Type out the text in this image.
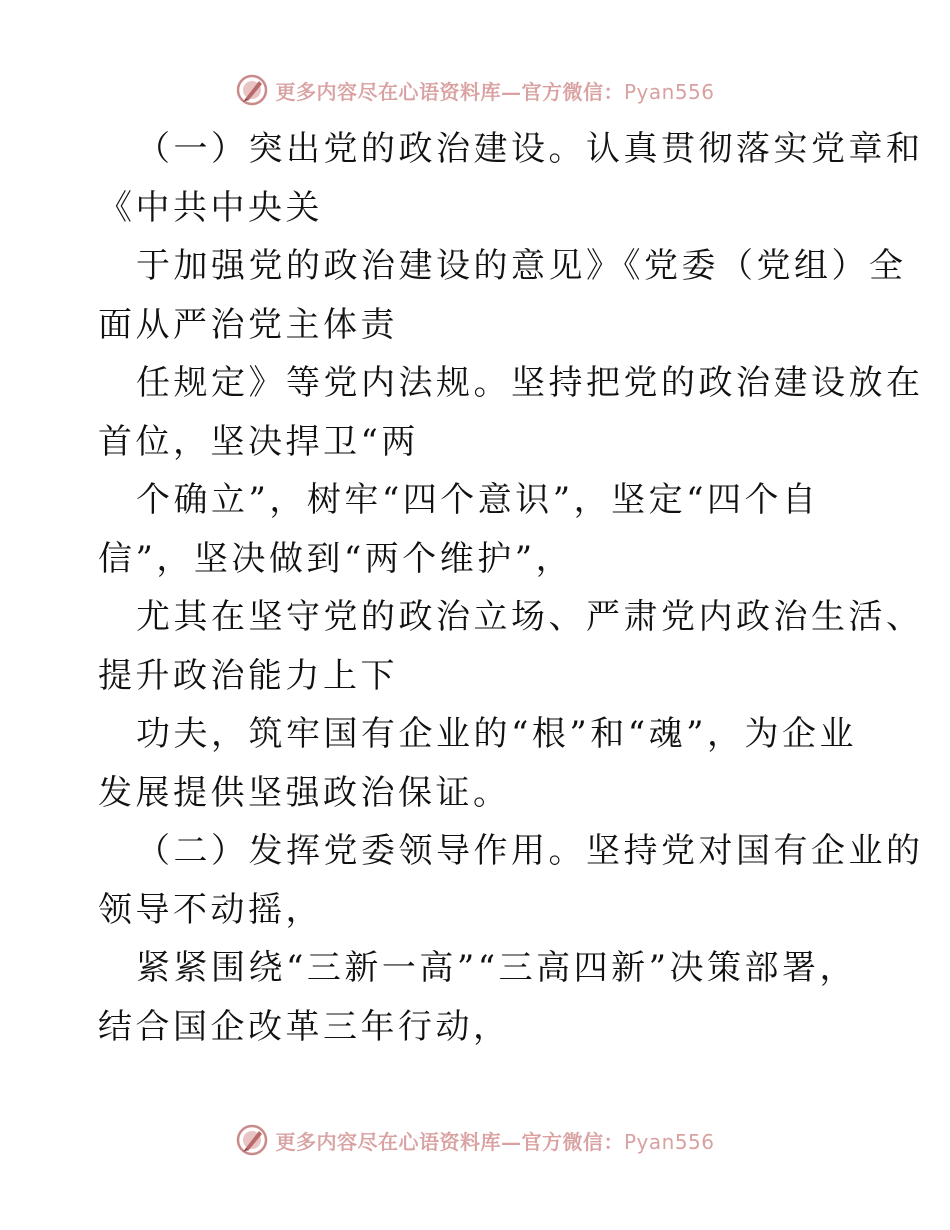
更多内容尽在心语资料库—官方微信：Pyan556

（一）突出党的政治建设。认真贯彻落实党章和
《中共中央关
于加强党的政治建设的意见》《党委（党组）全
面从严治党主体责
任规定》等党内法规。坚持把党的政治建设放在
首位，坚决捍卫“两
个确立”，树牢“四个意识”，坚定“四个自
信”，坚决做到“两个维护”，
尤其在坚守党的政治立场、严肃党内政治生活、
提升政治能力上下
功夫，筑牢国有企业的“根”和“魂”，为企业
发展提供坚强政治保证。
（二）发挥党委领导作用。坚持党对国有企业的
领导不动摇，
紧紧围绕“三新一高”“三高四新”决策部署，
结合国企改革三年行动，

更多内容尽在心语资料库—官方微信：Pyan556
